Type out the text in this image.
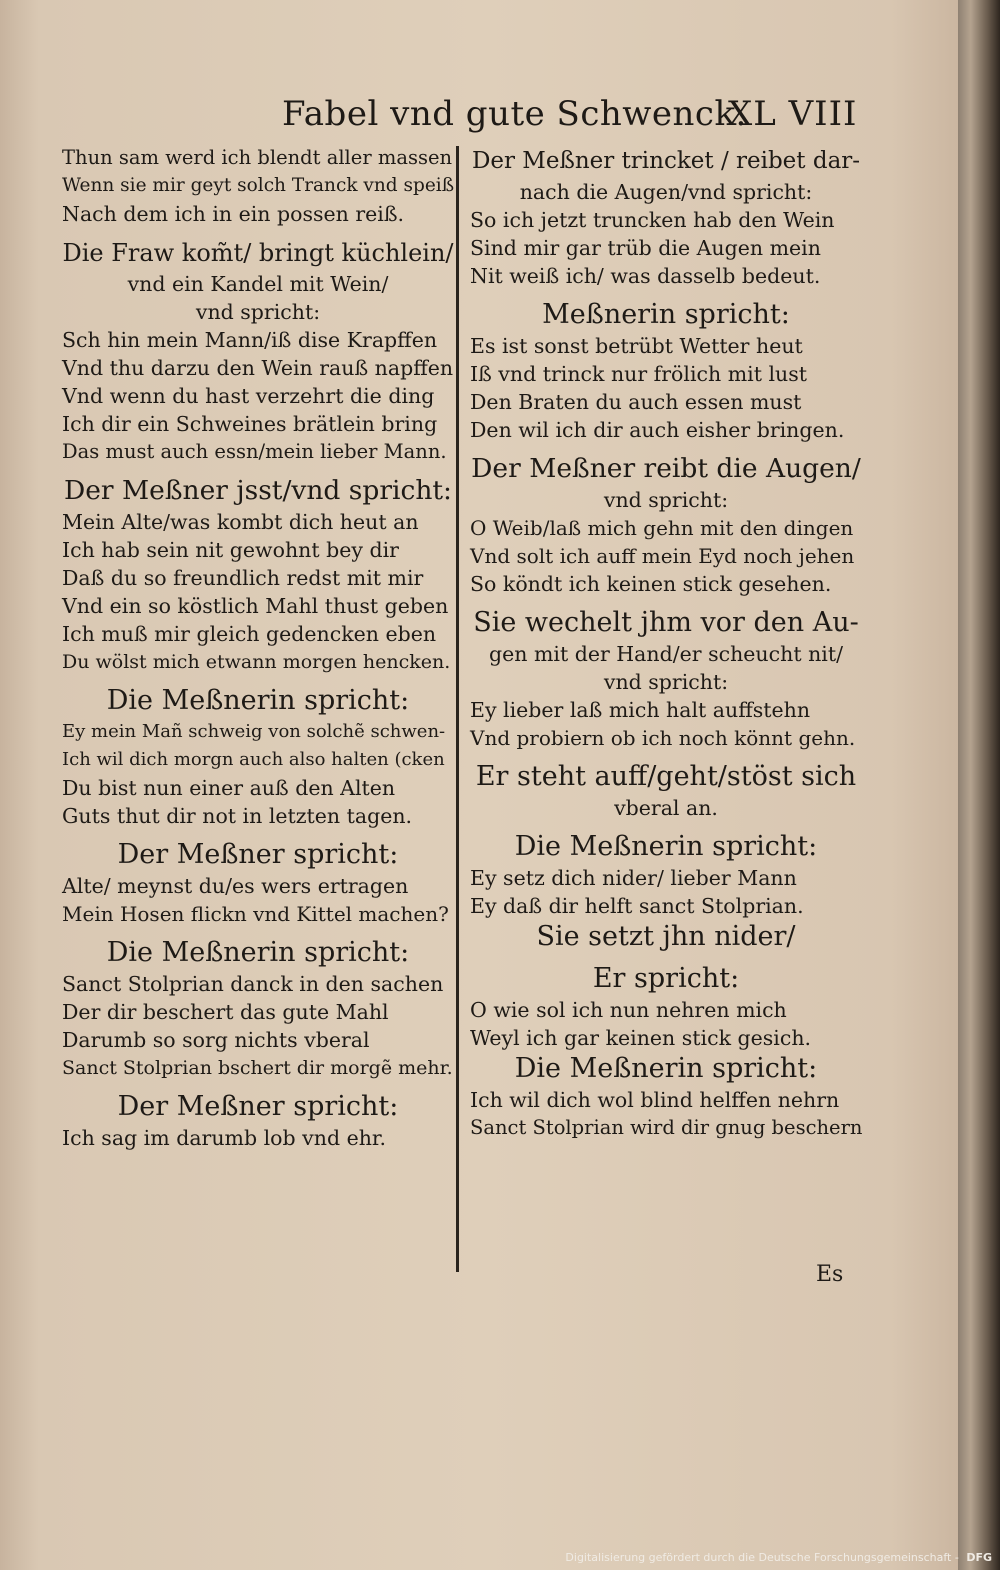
Fabel vnd gute Schwenck.
XL VIII
Thun sam werd ich blendt aller massen
Wenn sie mir geyt solch Tranck vnd speiß
Nach dem ich in ein possen reiß.
Die Fraw kom̃t/ bringt küchlein/
vnd ein Kandel mit Wein/
vnd spricht:
Sch hin mein Mann/iß dise Krapffen
Vnd thu darzu den Wein rauß napffen
Vnd wenn du hast verzehrt die ding
Ich dir ein Schweines brätlein bring
Das must auch essn/mein lieber Mann.
Der Meßner jsst/vnd spricht:
Mein Alte/was kombt dich heut an
Ich hab sein nit gewohnt bey dir
Daß du so freundlich redst mit mir
Vnd ein so köstlich Mahl thust geben
Ich muß mir gleich gedencken eben
Du wölst mich etwann morgen hencken.
Die Meßnerin spricht:
Ey mein Mañ schweig von solchẽ schwen-
Ich wil dich morgn auch also halten (cken
Du bist nun einer auß den Alten
Guts thut dir not in letzten tagen.
Der Meßner spricht:
Alte/ meynst du/es wers ertragen
Mein Hosen flickn vnd Kittel machen?
Die Meßnerin spricht:
Sanct Stolprian danck in den sachen
Der dir beschert das gute Mahl
Darumb so sorg nichts vberal
Sanct Stolprian bschert dir morgẽ mehr.
Der Meßner spricht:
Ich sag im darumb lob vnd ehr.
Der Meßner trincket / reibet dar-
nach die Augen/vnd spricht:
So ich jetzt truncken hab den Wein
Sind mir gar trüb die Augen mein
Nit weiß ich/ was dasselb bedeut.
Meßnerin spricht:
Es ist sonst betrübt Wetter heut
Iß vnd trinck nur frölich mit lust
Den Braten du auch essen must
Den wil ich dir auch eisher bringen.
Der Meßner reibt die Augen/
vnd spricht:
O Weib/laß mich gehn mit den dingen
Vnd solt ich auff mein Eyd noch jehen
So köndt ich keinen stick gesehen.
Sie wechelt jhm vor den Au-
gen mit der Hand/er scheucht nit/
vnd spricht:
Ey lieber laß mich halt auffstehn
Vnd probiern ob ich noch könnt gehn.
Er steht auff/geht/stöst sich
vberal an.
Die Meßnerin spricht:
Ey setz dich nider/ lieber Mann
Ey daß dir helft sanct Stolprian.
Sie setzt jhn nider/
Er spricht:
O wie sol ich nun nehren mich
Weyl ich gar keinen stick gesich.
Die Meßnerin spricht:
Ich wil dich wol blind helffen nehrn
Sanct Stolprian wird dir gnug beschern
Es
Digitalisierung gefördert durch die Deutsche Forschungsgemeinschaft - DFG
